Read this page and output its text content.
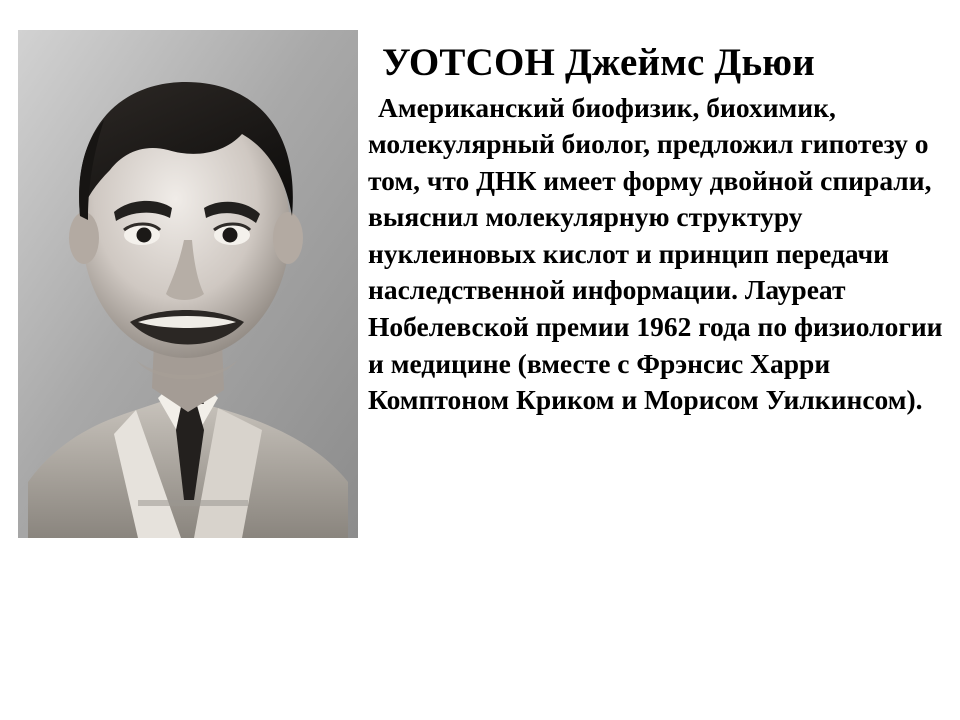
УОТСОН Джеймс Дьюи

Американский биофизик, биохимик, молекулярный биолог, предложил гипотезу о том, что ДНК имеет форму двойной спирали, выяснил молекулярную структуру нуклеиновых кислот и принцип передачи наследственной информации. Лауреат Нобелевской премии 1962 года по физиологии и медицине (вместе с Фрэнсис Харри Комптоном Криком и Морисом Уилкинсом).
